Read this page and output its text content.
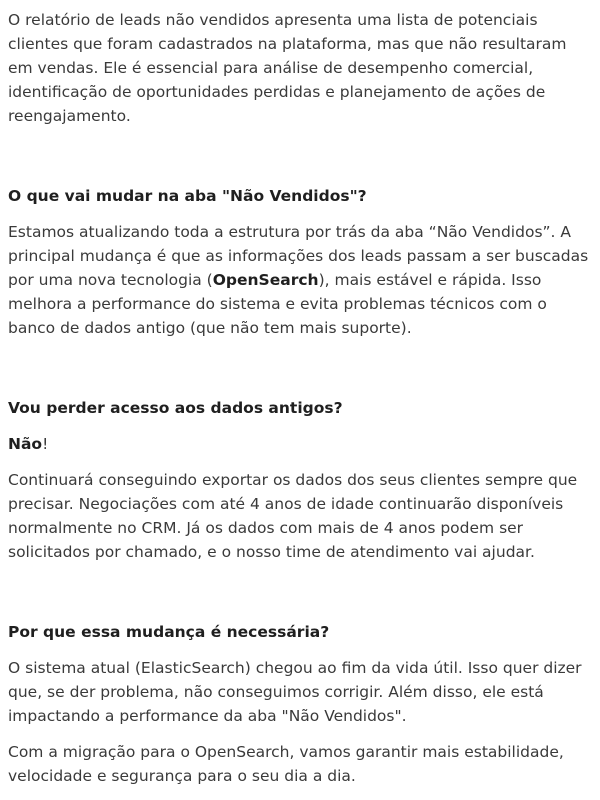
O relatório de leads não vendidos apresenta uma lista de potenciais clientes que foram cadastrados na plataforma, mas que não resultaram em vendas. Ele é essencial para análise de desempenho comercial, identificação de oportunidades perdidas e planejamento de ações de reengajamento.

O que vai mudar na aba "Não Vendidos"?

Estamos atualizando toda a estrutura por trás da aba “Não Vendidos”. A principal mudança é que as informações dos leads passam a ser buscadas por uma nova tecnologia (OpenSearch), mais estável e rápida. Isso melhora a performance do sistema e evita problemas técnicos com o banco de dados antigo (que não tem mais suporte).

Vou perder acesso aos dados antigos?

Não!

Continuará conseguindo exportar os dados dos seus clientes sempre que precisar. Negociações com até 4 anos de idade continuarão disponíveis normalmente no CRM. Já os dados com mais de 4 anos podem ser solicitados por chamado, e o nosso time de atendimento vai ajudar.

Por que essa mudança é necessária?

O sistema atual (ElasticSearch) chegou ao fim da vida útil. Isso quer dizer que, se der problema, não conseguimos corrigir. Além disso, ele está impactando a performance da aba "Não Vendidos".

Com a migração para o OpenSearch, vamos garantir mais estabilidade, velocidade e segurança para o seu dia a dia.
